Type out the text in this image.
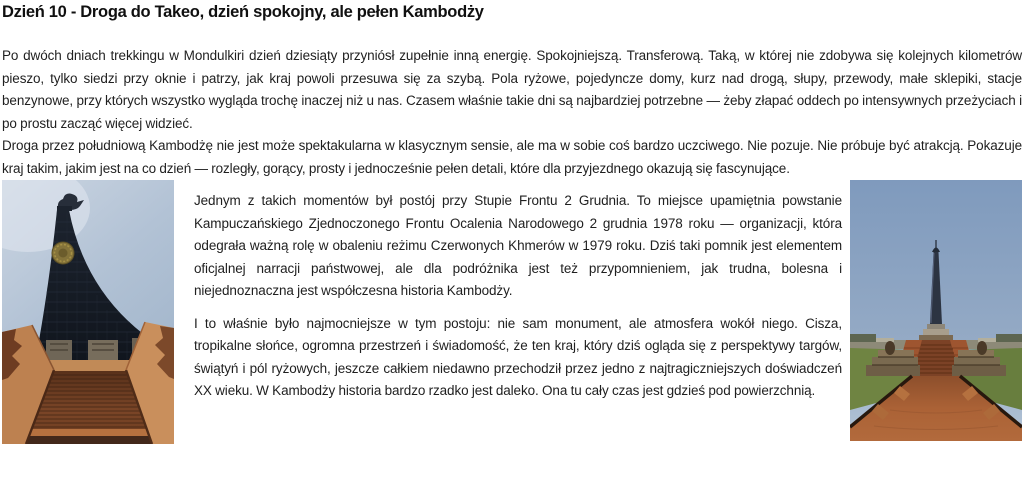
Dzień 10 - Droga do Takeo, dzień spokojny, ale pełen Kambodży

Po dwóch dniach trekkingu w Mondulkiri dzień dziesiąty przyniósł zupełnie inną energię. Spokojniejszą. Transferową. Taką, w której nie zdobywa się kolejnych kilometrów pieszo, tylko siedzi przy oknie i patrzy, jak kraj powoli przesuwa się za szybą. Pola ryżowe, pojedyncze domy, kurz nad drogą, słupy, przewody, małe sklepiki, stacje benzynowe, przy których wszystko wygląda trochę inaczej niż u nas. Czasem właśnie takie dni są najbardziej potrzebne — żeby złapać oddech po intensywnych przeżyciach i po prostu zacząć więcej widzieć.

Droga przez południową Kambodżę nie jest może spektakularna w klasycznym sensie, ale ma w sobie coś bardzo uczciwego. Nie pozuje. Nie próbuje być atrakcją. Pokazuje kraj takim, jakim jest na co dzień — rozległy, gorący, prosty i jednocześnie pełen detali, które dla przyjezdnego okazują się fascynujące.

Jednym z takich momentów był postój przy Stupie Frontu 2 Grudnia. To miejsce upamiętnia powstanie Kampuczańskiego Zjednoczonego Frontu Ocalenia Narodowego 2 grudnia 1978 roku — organizacji, która odegrała ważną rolę w obaleniu reżimu Czerwonych Khmerów w 1979 roku. Dziś taki pomnik jest elementem oficjalnej narracji państwowej, ale dla podróżnika jest też przypomnieniem, jak trudna, bolesna i niejednoznaczna jest współczesna historia Kambodży.

I to właśnie było najmocniejsze w tym postoju: nie sam monument, ale atmosfera wokół niego. Cisza, tropikalne słońce, ogromna przestrzeń i świadomość, że ten kraj, który dziś ogląda się z perspektywy targów, świątyń i pól ryżowych, jeszcze całkiem niedawno przechodził przez jedno z najtragiczniejszych doświadczeń XX wieku. W Kambodży historia bardzo rzadko jest daleko. Ona tu cały czas jest gdzieś pod powierzchnią.
